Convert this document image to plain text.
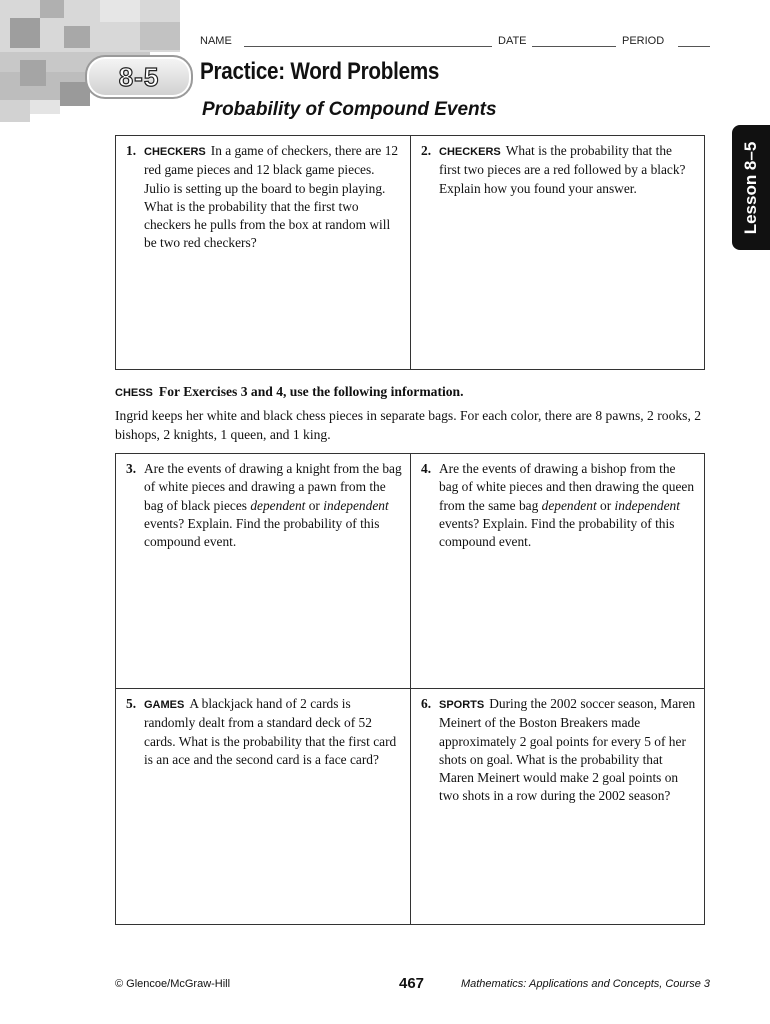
NAME	DATE	PERIOD
8-5 Practice: Word Problems
Probability of Compound Events
Lesson 8–5
1. CHECKERS In a game of checkers, there are 12 red game pieces and 12 black game pieces. Julio is setting up the board to begin playing. What is the probability that the first two checkers he pulls from the box at random will be two red checkers?
2. CHECKERS What is the probability that the first two pieces are a red followed by a black? Explain how you found your answer.
CHESS For Exercises 3 and 4, use the following information.
Ingrid keeps her white and black chess pieces in separate bags. For each color, there are 8 pawns, 2 rooks, 2 bishops, 2 knights, 1 queen, and 1 king.
3. Are the events of drawing a knight from the bag of white pieces and drawing a pawn from the bag of black pieces dependent or independent events? Explain. Find the probability of this compound event.
4. Are the events of drawing a bishop from the bag of white pieces and then drawing the queen from the same bag dependent or independent events? Explain. Find the probability of this compound event.
5. GAMES A blackjack hand of 2 cards is randomly dealt from a standard deck of 52 cards. What is the probability that the first card is an ace and the second card is a face card?
6. SPORTS During the 2002 soccer season, Maren Meinert of the Boston Breakers made approximately 2 goal points for every 5 of her shots on goal. What is the probability that Maren Meinert would make 2 goal points on two shots in a row during the 2002 season?
© Glencoe/McGraw-Hill	467	Mathematics: Applications and Concepts, Course 3
